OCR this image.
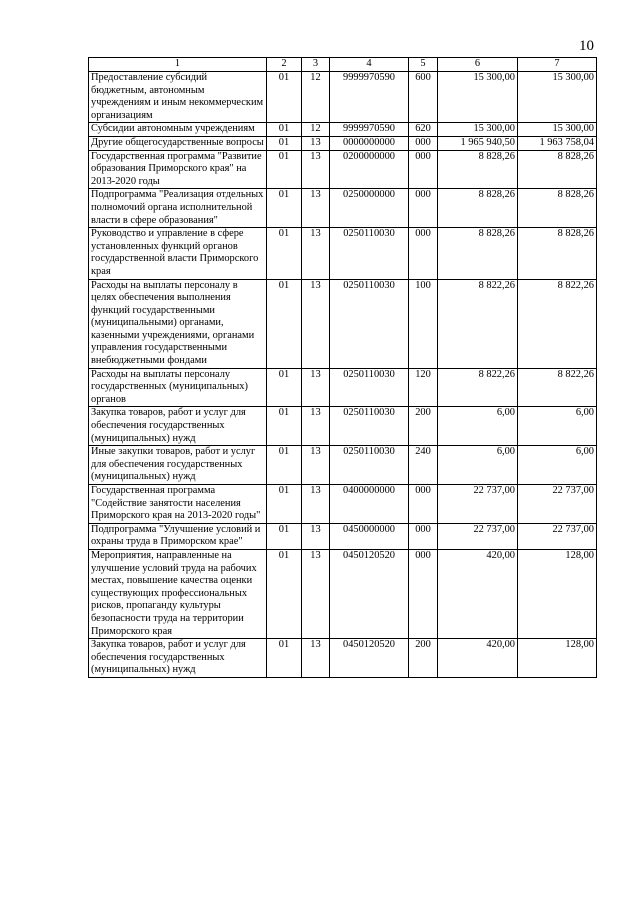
10
1	2	3	4	5	6	7
Предоставление субсидий бюджетным, автономным учреждениям и иным некоммерческим организациям	01	12	9999970590	600	15 300,00	15 300,00
Субсидии автономным учреждениям	01	12	9999970590	620	15 300,00	15 300,00
Другие общегосударственные вопросы	01	13	0000000000	000	1 965 940,50	1 963 758,04
Государственная программа "Развитие образования Приморского края" на 2013-2020 годы	01	13	0200000000	000	8 828,26	8 828,26
Подпрограмма "Реализация отдельных полномочий органа исполнительной власти в сфере образования"	01	13	0250000000	000	8 828,26	8 828,26
Руководство и управление в сфере установленных функций органов государственной власти Приморского края	01	13	0250110030	000	8 828,26	8 828,26
Расходы на выплаты персоналу в целях обеспечения выполнения функций государственными (муниципальными) органами, казенными учреждениями, органами управления государственными внебюджетными фондами	01	13	0250110030	100	8 822,26	8 822,26
Расходы на выплаты персоналу государственных (муниципальных) органов	01	13	0250110030	120	8 822,26	8 822,26
Закупка товаров, работ и услуг для обеспечения государственных (муниципальных) нужд	01	13	0250110030	200	6,00	6,00
Иные закупки товаров, работ и услуг для обеспечения государственных (муниципальных) нужд	01	13	0250110030	240	6,00	6,00
Государственная программа "Содействие занятости населения Приморского края на 2013-2020 годы"	01	13	0400000000	000	22 737,00	22 737,00
Подпрограмма "Улучшение условий и охраны труда в Приморском крае"	01	13	0450000000	000	22 737,00	22 737,00
Мероприятия, направленные на улучшение условий труда на рабочих местах, повышение качества оценки существующих профессиональных рисков, пропаганду культуры безопасности труда на территории Приморского края	01	13	0450120520	000	420,00	128,00
Закупка товаров, работ и услуг для обеспечения государственных (муниципальных) нужд	01	13	0450120520	200	420,00	128,00
